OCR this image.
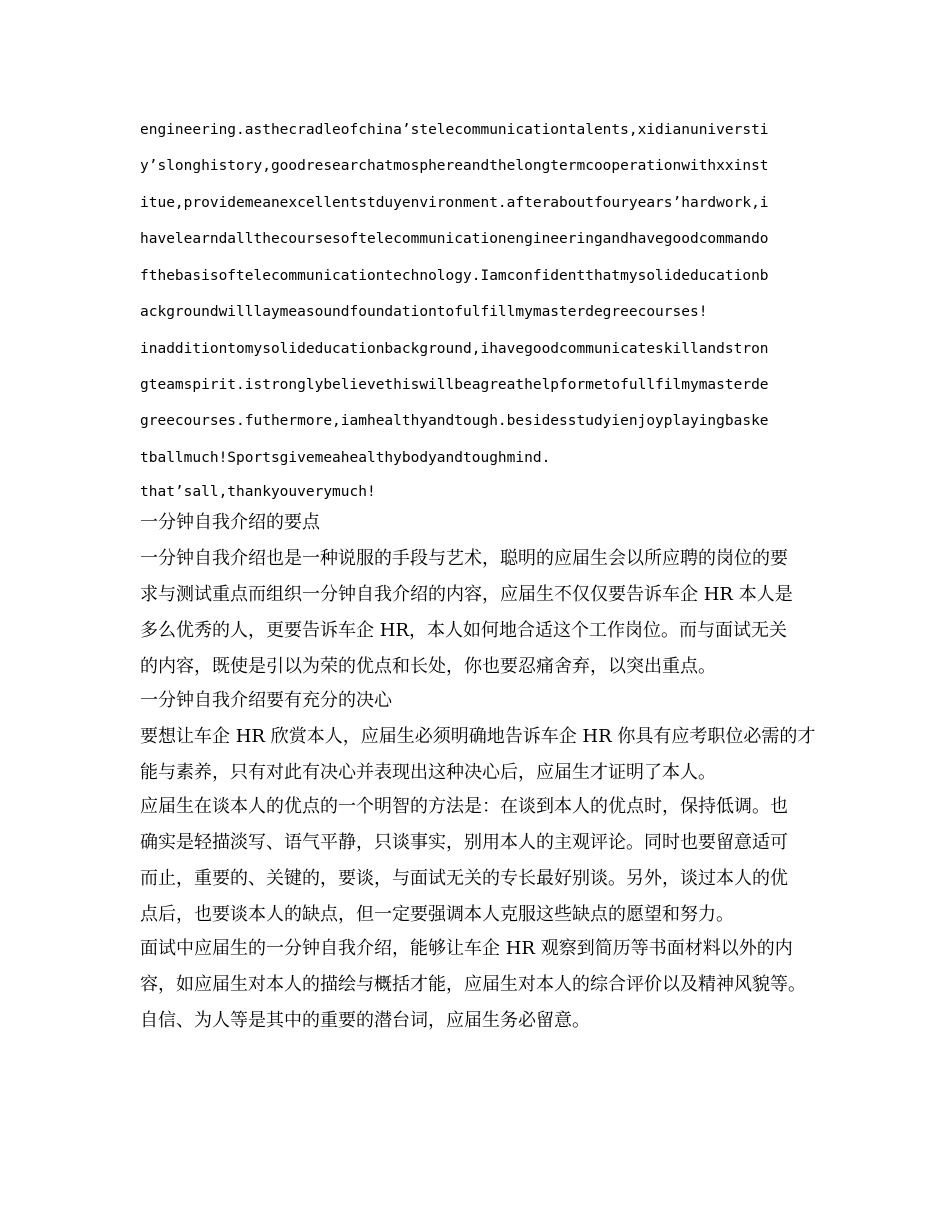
engineering.asthecradleofchina’stelecommunicationtalents,xidianuniversti
y’slonghistory,goodresearchatmosphereandthelongtermcooperationwithxxinst
itue,providemeanexcellentstduyenvironment.afteraboutfouryears’hardwork,i
havelearndallthecoursesoftelecommunicationengineeringandhavegoodcommando
fthebasisoftelecommunicationtechnology.Iamconfidentthatmysolideducationb
ackgroundwilllaymeasoundfoundationtofulfillmymasterdegreecourses!
inadditiontomysolideducationbackground,ihavegoodcommunicateskillandstron
gteamspirit.istronglybelievethiswillbeagreathelpformetofullfilmymasterde
greecourses.futhermore,iamhealthyandtough.besidesstudyienjoyplayingbaske
tballmuch!Sportsgivemeahealthybodyandtoughmind.
that’sall,thankyouverymuch!
一分钟自我介绍的要点
一分钟自我介绍也是一种说服的手段与艺术，聪明的应届生会以所应聘的岗位的要
求与测试重点而组织一分钟自我介绍的内容，应届生不仅仅要告诉车企 HR 本人是
多么优秀的人，更要告诉车企 HR，本人如何地合适这个工作岗位。而与面试无关
的内容，既使是引以为荣的优点和长处，你也要忍痛舍弃，以突出重点。
一分钟自我介绍要有充分的决心
要想让车企 HR 欣赏本人，应届生必须明确地告诉车企 HR 你具有应考职位必需的才
能与素养，只有对此有决心并表现出这种决心后，应届生才证明了本人。
应届生在谈本人的优点的一个明智的方法是：在谈到本人的优点时，保持低调。也
确实是轻描淡写、语气平静，只谈事实，别用本人的主观评论。同时也要留意适可
而止，重要的、关键的，要谈，与面试无关的专长最好别谈。另外，谈过本人的优
点后，也要谈本人的缺点，但一定要强调本人克服这些缺点的愿望和努力。
面试中应届生的一分钟自我介绍，能够让车企 HR 观察到简历等书面材料以外的内
容，如应届生对本人的描绘与概括才能，应届生对本人的综合评价以及精神风貌等。
自信、为人等是其中的重要的潜台词，应届生务必留意。
